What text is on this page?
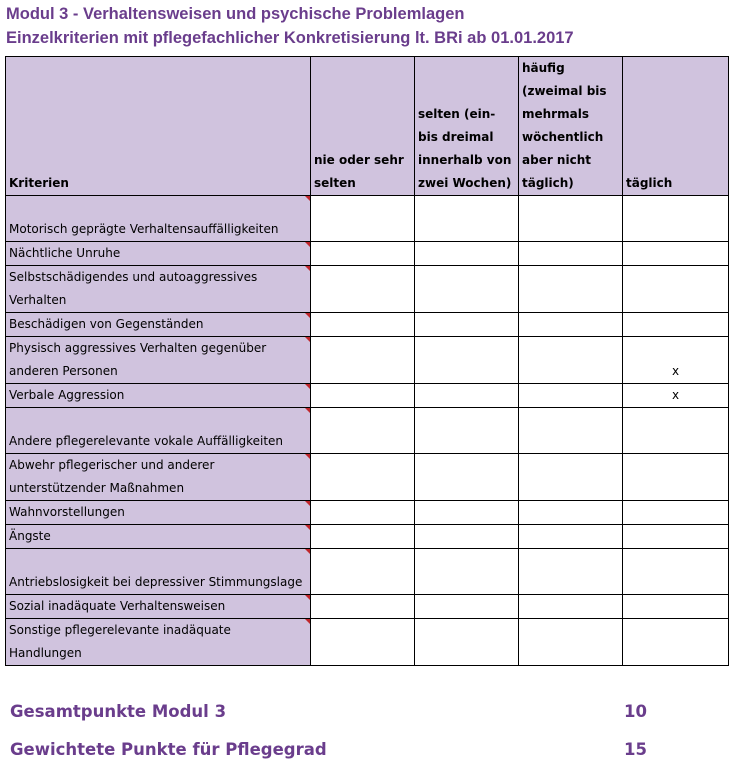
Modul 3 - Verhaltensweisen und psychische Problemlagen
Einzelkriterien mit pflegefachlicher Konkretisierung lt. BRi ab 01.01.2017
Kriterien	nie oder sehr selten	selten (ein- bis dreimal innerhalb von zwei Wochen)	häufig (zweimal bis mehrmals wöchentlich aber nicht täglich)	täglich
Motorisch geprägte Verhaltensauffälligkeiten				
Nächtliche Unruhe				
Selbstschädigendes und autoaggressives Verhalten				
Beschädigen von Gegenständen				
Physisch aggressives Verhalten gegenüber anderen Personen				x
Verbale Aggression				x
Andere pflegerelevante vokale Auffälligkeiten				
Abwehr pflegerischer und anderer unterstützender Maßnahmen				
Wahnvorstellungen				
Ängste				
Antriebslosigkeit bei depressiver Stimmungslage				
Sozial inadäquate Verhaltensweisen				
Sonstige pflegerelevante inadäquate Handlungen				
Gesamtpunkte Modul 3	10
Gewichtete Punkte für Pflegegrad	15
